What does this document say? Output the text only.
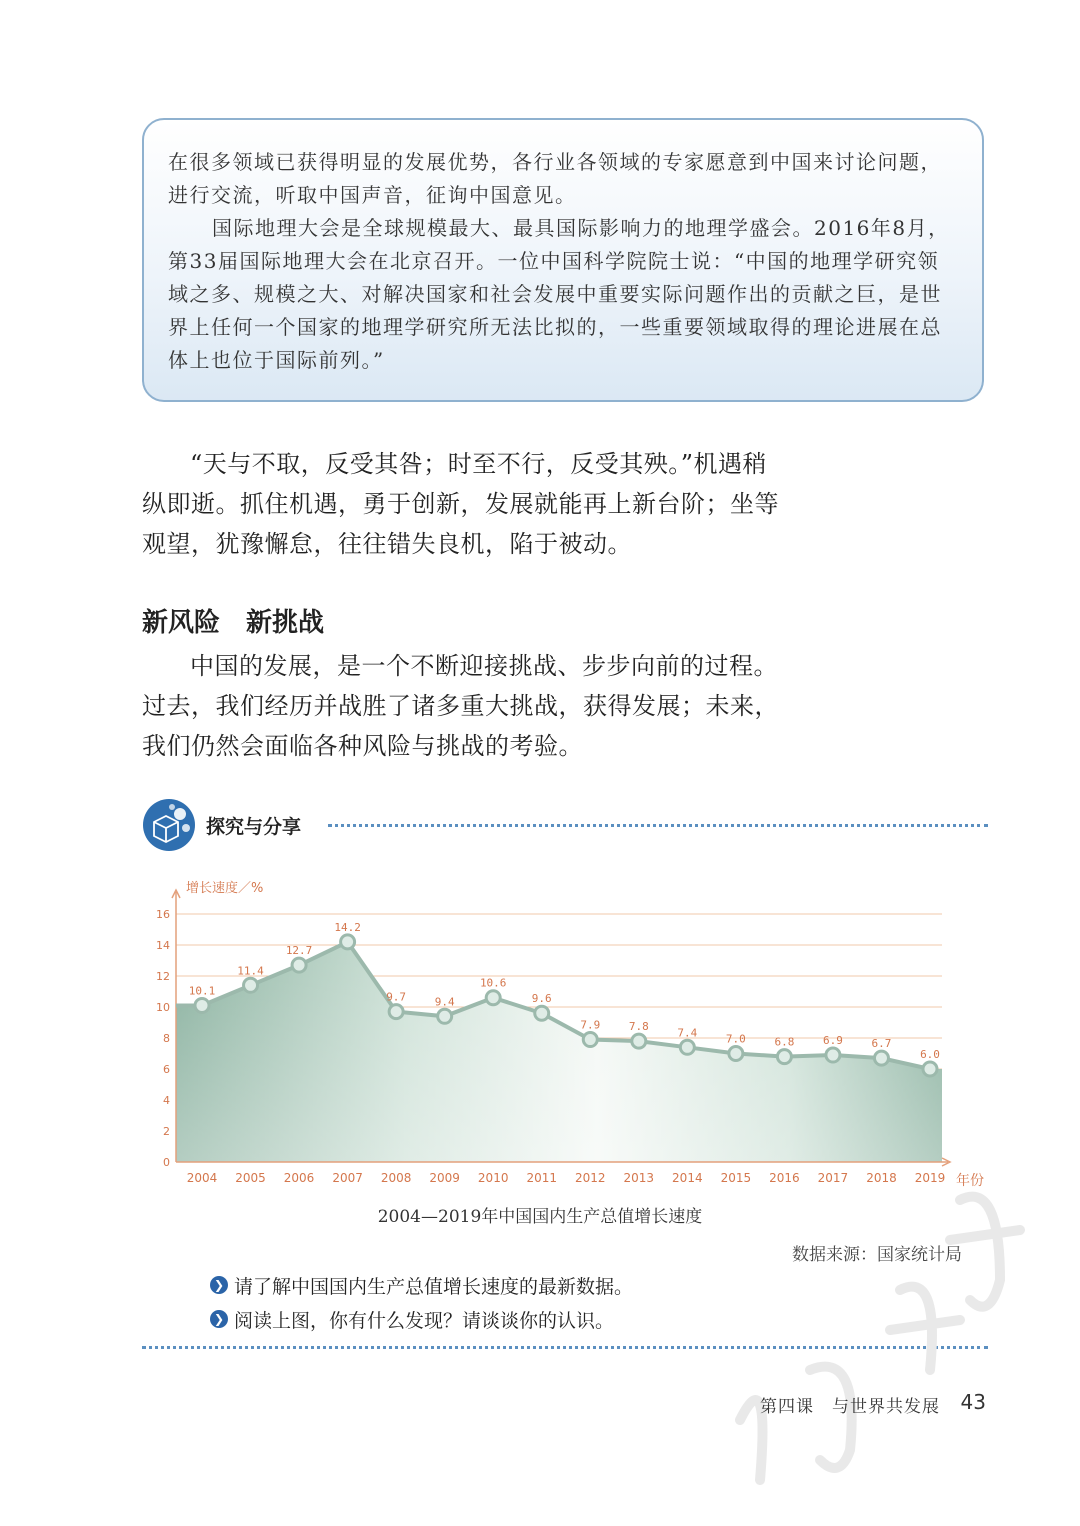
在很多领域已获得明显的发展优势，各行业各领域的专家愿意到中国来讨论问题，进行交流，听取中国声音，征询中国意见。

国际地理大会是全球规模最大、最具国际影响力的地理学盛会。2016年8月，第33届国际地理大会在北京召开。一位中国科学院院士说：“中国的地理学研究领域之多、规模之大、对解决国家和社会发展中重要实际问题作出的贡献之巨，是世界上任何一个国家的地理学研究所无法比拟的，一些重要领域取得的理论进展在总体上也位于国际前列。”

“天与不取，反受其咎；时至不行，反受其殃。”机遇稍纵即逝。抓住机遇，勇于创新，发展就能再上新台阶；坐等观望，犹豫懈怠，往往错失良机，陷于被动。

新风险　新挑战

中国的发展，是一个不断迎接挑战、步步向前的过程。过去，我们经历并战胜了诸多重大挑战，获得发展；未来，我们仍然会面临各种风险与挑战的考验。

探究与分享
0
2
4
6
8
10
12
14
16
2004 2005 2006 2007 2008 2009 2010 2011 2012 2013 2014 2015 2016 2017 2018 2019
10.1
11.4
12.7
14.2
9.7	9.4
10.6
9.6
7.9	7.8	7.4	7.0	6.8	6.9	6.7
6.0
增长速度／%
年份
2004—2019年中国国内生产总值增长速度
数据来源：国家统计局
❯ 请了解中国国内生产总值增长速度的最新数据。
❯ 阅读上图，你有什么发现？请谈谈你的认识。
第四课　与世界共发展 43
